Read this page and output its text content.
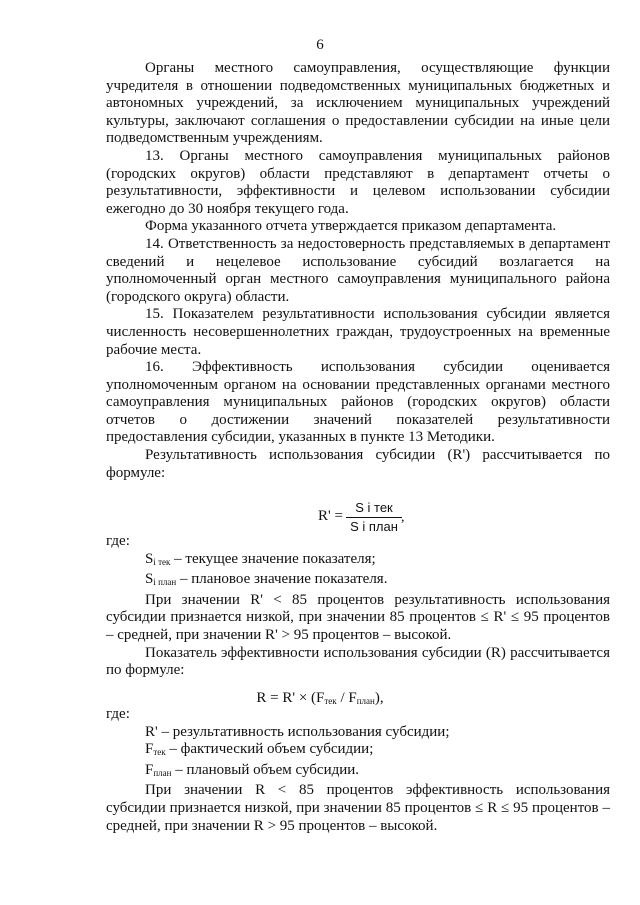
6

Органы местного самоуправления, осуществляющие функции учредителя в отношении подведомственных муниципальных бюджетных и автономных учреждений, за исключением муниципальных учреждений культуры, заключают соглашения о предоставлении субсидии на иные цели подведомственным учреждениям.

13. Органы местного самоуправления муниципальных районов (городских округов) области представляют в департамент отчеты о результативности, эффективности и целевом использовании субсидии ежегодно до 30 ноября текущего года.

Форма указанного отчета утверждается приказом департамента.

14. Ответственность за недостоверность представляемых в департамент сведений и нецелевое использование субсидий возлагается на уполномоченный орган местного самоуправления муниципального района (городского округа) области.

15. Показателем результативности использования субсидии является численность несовершеннолетних граждан, трудоустроенных на временные рабочие места.

16. Эффективность использования субсидии оценивается уполномоченным органом на основании представленных органами местного самоуправления муниципальных районов (городских округов) области отчетов о достижении значений показателей результативности предоставления субсидии, указанных в пункте 13 Методики.

Результативность использования субсидии (R') рассчитывается по формуле:

R' =
S i тек
S i план
,

где:

$S_{i тек}$ – текущее значение показателя;

$S_{i план}$ – плановое значение показателя.

При значении R' < 85 процентов результативность использования субсидии признается низкой, при значении 85 процентов ≤ R' ≤ 95 процентов – средней, при значении R' > 95 процентов – высокой.

Показатель эффективности использования субсидии (R) рассчитывается по формуле:

$R = R' \times (F_{тек} / F_{план})$,

где:

R' – результативность использования субсидии;

$F_{тек}$ – фактический объем субсидии;

$F_{план}$ – плановый объем субсидии.

При значении R < 85 процентов эффективность использования субсидии признается низкой, при значении 85 процентов ≤ R ≤ 95 процентов – средней, при значении R > 95 процентов – высокой.
